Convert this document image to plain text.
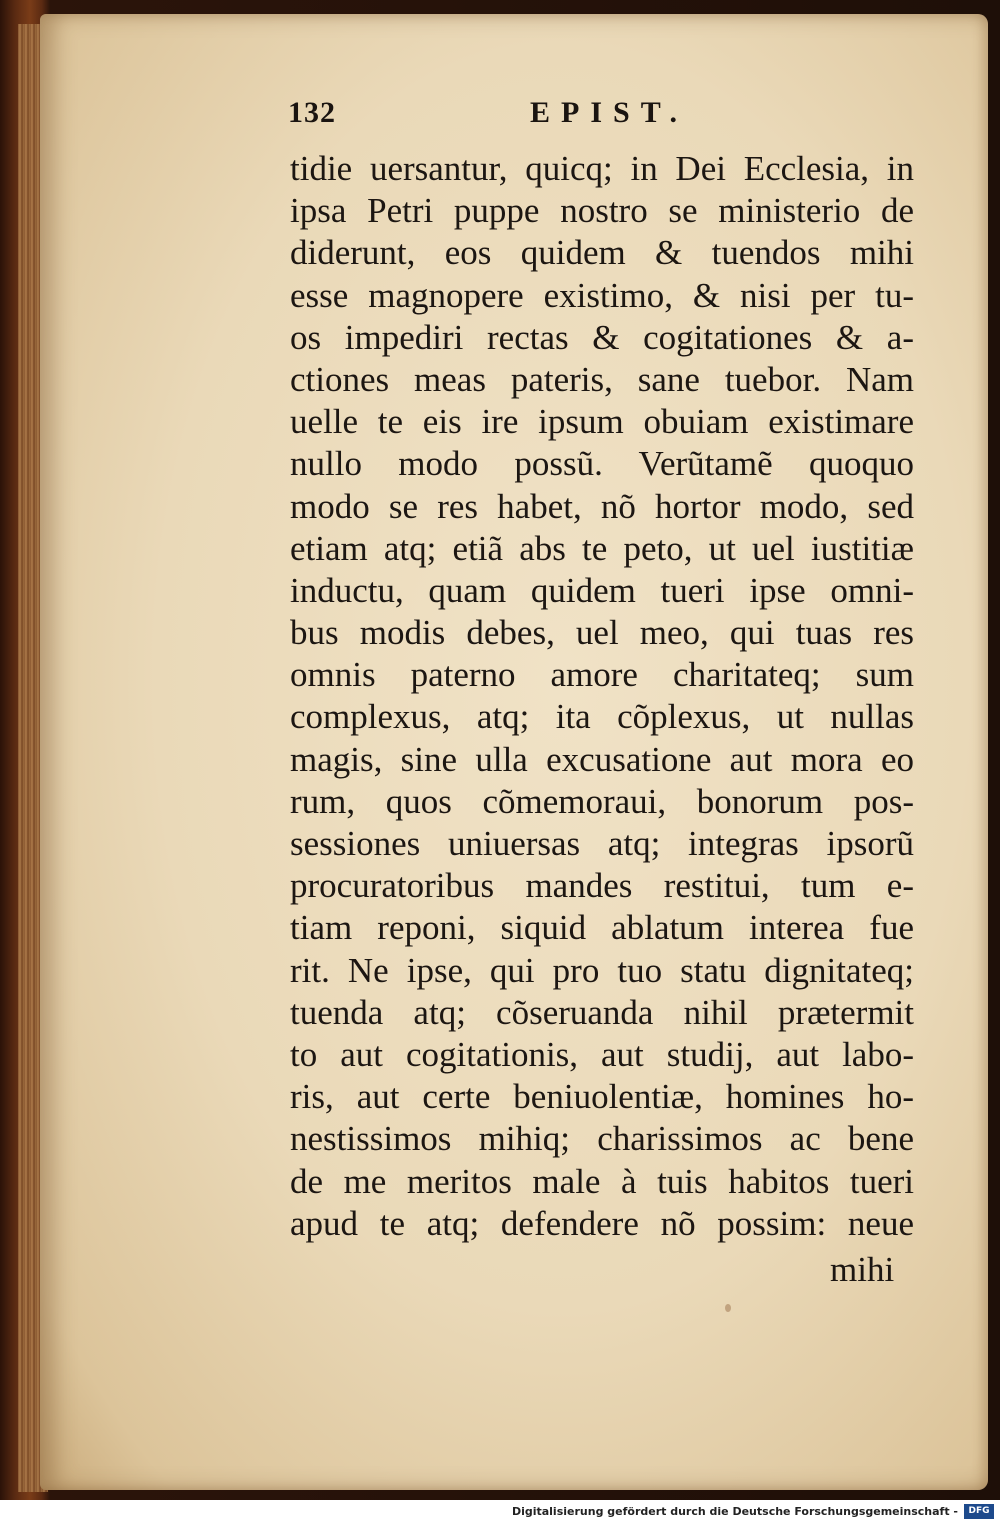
132	EPIST.
tidie uersantur, quicq; in Dei Ecclesia, in
ipsa Petri puppe nostro se ministerio de
diderunt, eos quidem & tuendos mihi
esse magnopere existimo, & nisi per tu-
os impediri rectas & cogitationes & a-
ctiones meas pateris, sane tuebor. Nam
uelle te eis ire ipsum obuiam existimare
nullo modo possũ. Verũtamẽ quoquo
modo se res habet, nõ hortor modo, sed
etiam atq; etiã abs te peto, ut uel iustitiæ
inductu, quam quidem tueri ipse omni-
bus modis debes, uel meo, qui tuas res
omnis paterno amore charitateq; sum
complexus, atq; ita cõplexus, ut nullas
magis, sine ulla excusatione aut mora eo
rum, quos cõmemoraui, bonorum pos-
sessiones uniuersas atq; integras ipsorũ
procuratoribus mandes restitui, tum e-
tiam reponi, siquid ablatum interea fue
rit. Ne ipse, qui pro tuo statu dignitateq;
tuenda atq; cõseruanda nihil prætermit
to aut cogitationis, aut studij, aut labo-
ris, aut certe beniuolentiæ, homines ho-
nestissimos mihiq; charissimos ac bene
de me meritos male à tuis habitos tueri
apud te atq; defendere nõ possim: neue
mihi
Digitalisierung gefördert durch die Deutsche Forschungsgemeinschaft -	DFG
